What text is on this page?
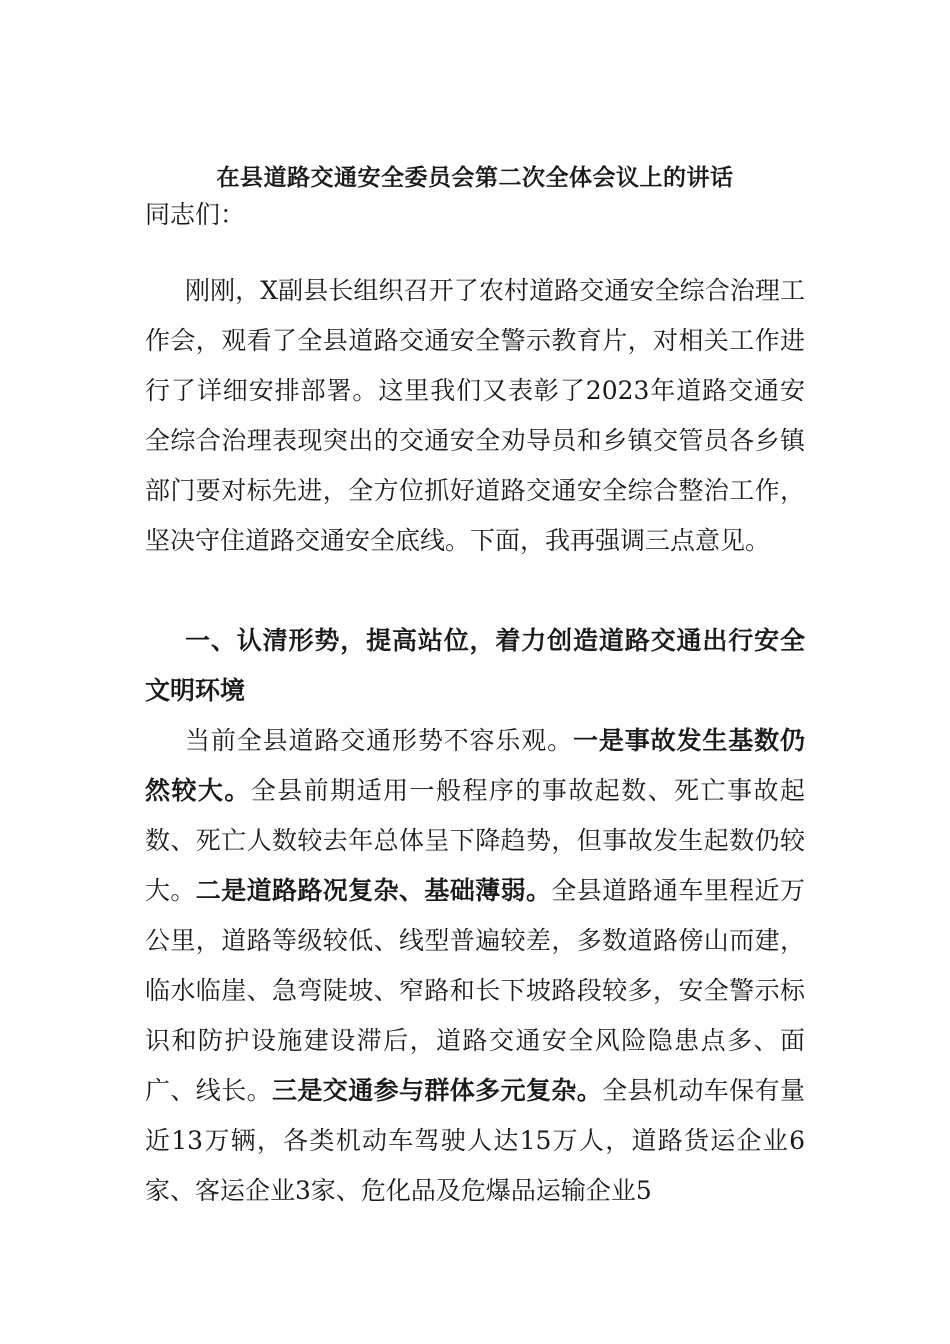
在县道路交通安全委员会第二次全体会议上的讲话

同志们：

刚刚，X副县长组织召开了农村道路交通安全综合治理工作会，观看了全县道路交通安全警示教育片，对相关工作进行了详细安排部署。这里我们又表彰了2023年道路交通安全综合治理表现突出的交通安全劝导员和乡镇交管员各乡镇部门要对标先进，全方位抓好道路交通安全综合整治工作，坚决守住道路交通安全底线。下面，我再强调三点意见。

一、认清形势，提高站位，着力创造道路交通出行安全文明环境

当前全县道路交通形势不容乐观。一是事故发生基数仍然较大。全县前期适用一般程序的事故起数、死亡事故起数、死亡人数较去年总体呈下降趋势，但事故发生起数仍较大。二是道路路况复杂、基础薄弱。全县道路通车里程近万公里，道路等级较低、线型普遍较差，多数道路傍山而建，临水临崖、急弯陡坡、窄路和长下坡路段较多，安全警示标识和防护设施建设滞后，道路交通安全风险隐患点多、面广、线长。三是交通参与群体多元复杂。全县机动车保有量近13万辆，各类机动车驾驶人达15万人，道路货运企业6家、客运企业3家、危化品及危爆品运输企业5
